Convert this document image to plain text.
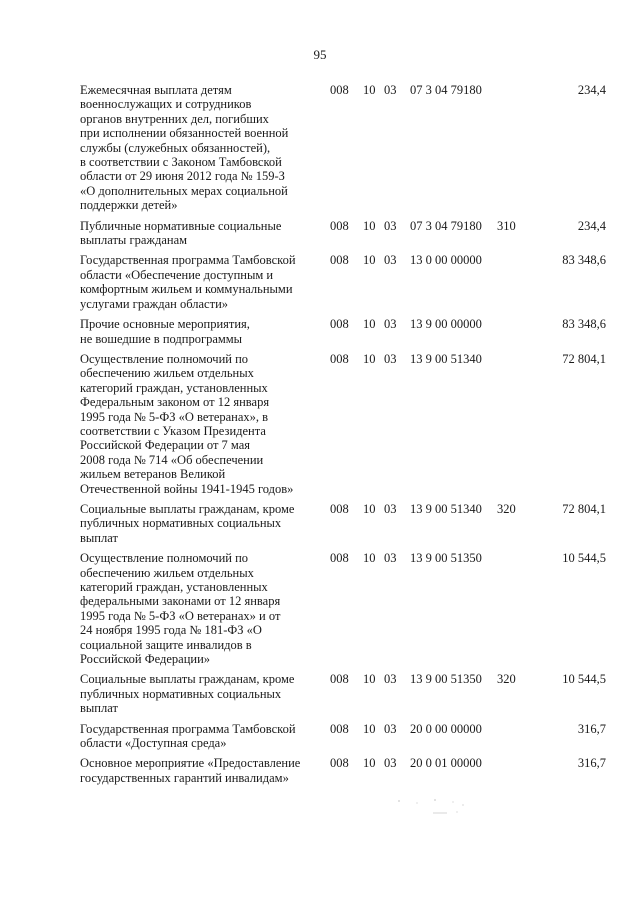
95
Ежемесячная выплата детям
военнослужащих и сотрудников
органов внутренних дел, погибших
при исполнении обязанностей военной
службы (служебных обязанностей),
в соответствии с Законом Тамбовской
области от 29 июня 2012 года № 159-З
«О дополнительных мерах социальной
поддержки детей»
008 10 03 07 3 04 79180	234,4
Публичные нормативные социальные
выплаты гражданам
008 10 03 07 3 04 79180 310	234,4
Государственная программа Тамбовской
области «Обеспечение доступным и
комфортным жильем и коммунальными
услугами граждан области»
008 10 03 13 0 00 00000	83 348,6
Прочие основные мероприятия,
не вошедшие в подпрограммы
008 10 03 13 9 00 00000	83 348,6
Осуществление полномочий по
обеспечению жильем отдельных
категорий граждан, установленных
Федеральным законом от 12 января
1995 года № 5-ФЗ «О ветеранах», в
соответствии с Указом Президента
Российской Федерации от 7 мая
2008 года № 714 «Об обеспечении
жильем ветеранов Великой
Отечественной войны 1941-1945 годов»
008 10 03 13 9 00 51340	72 804,1
Социальные выплаты гражданам, кроме
публичных нормативных социальных
выплат
008 10 03 13 9 00 51340 320	72 804,1
Осуществление полномочий по
обеспечению жильем отдельных
категорий граждан, установленных
федеральными законами от 12 января
1995 года № 5-ФЗ «О ветеранах» и от
24 ноября 1995 года № 181-ФЗ «О
социальной защите инвалидов в
Российской Федерации»
008 10 03 13 9 00 51350	10 544,5
Социальные выплаты гражданам, кроме
публичных нормативных социальных
выплат
008 10 03 13 9 00 51350 320	10 544,5
Государственная программа Тамбовской
области «Доступная среда»
008 10 03 20 0 00 00000	316,7
Основное мероприятие «Предоставление
государственных гарантий инвалидам»
008 10 03 20 0 01 00000	316,7
